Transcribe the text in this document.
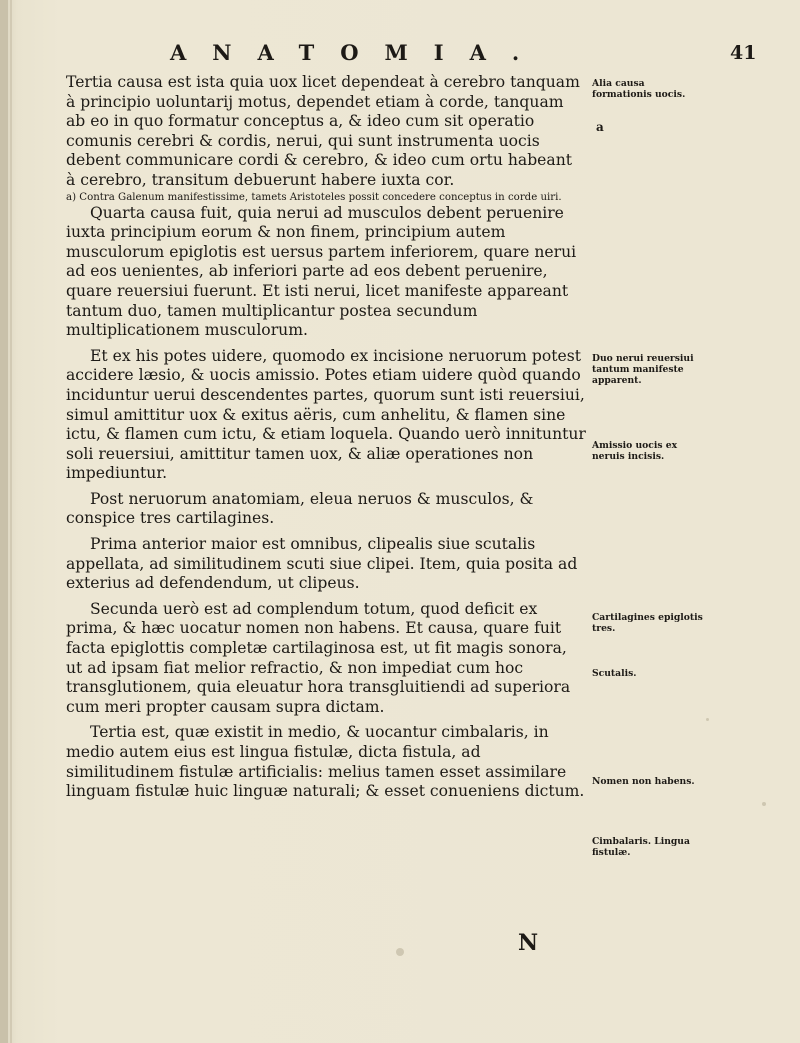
ANATOMIA.	41

Tertia causa est ista quia uox licet dependeat à cerebro tanquam à principio uoluntarij motus, dependet etiam à corde, tanquam ab eo in quo formatur conceptus a, & ideo cum sit operatio comunis cerebri & cordis, nerui, qui sunt instrumenta uocis debent communicare cordi & cerebro, & ideo cum ortu habeant à cerebro, transitum debuerunt habere iuxta cor.

a) Contra Galenum manifestissime, tamets Aristoteles possit concedere conceptus in corde uiri.

Quarta causa fuit, quia nerui ad musculos debent peruenire iuxta principium eorum & non finem, principium autem musculorum epiglotis est uersus partem inferiorem, quare nerui ad eos uenientes, ab inferiori parte ad eos debent peruenire, quare reuersiui fuerunt. Et isti nerui, licet manifeste appareant tantum duo, tamen multiplicantur postea secundum multiplicationem musculorum.

Et ex his potes uidere, quomodo ex incisione neruorum potest accidere læsio, & uocis amissio. Potes etiam uidere quòd quando inciduntur uerui descendentes partes, quorum sunt isti reuersiui, simul amittitur uox & exitus aëris, cum anhelitu, & flamen sine ictu, & flamen cum ictu, & etiam loquela. Quando uerò innituntur soli reuersiui, amittitur tamen uox, & aliæ operationes non impediuntur.

Post neruorum anatomiam, eleua neruos & musculos, & conspice tres cartilagines.

Prima anterior maior est omnibus, clipealis siue scutalis appellata, ad similitudinem scuti siue clipei. Item, quia posita ad exterius ad defendendum, ut clipeus.

Secunda uerò est ad complendum totum, quod deficit ex prima, & hæc uocatur nomen non habens. Et causa, quare fuit facta epiglottis completæ cartilaginosa est, ut fit magis sonora, ut ad ipsam fiat melior refractio, & non impediat cum hoc transglutionem, quia eleuatur hora transgluitiendi ad superiora cum meri propter causam supra dictam.

Tertia est, quæ existit in medio, & uocantur cimbalaris, in medio autem eius est lingua fistulæ, dicta fistula, ad similitudinem fistulæ artificialis: melius tamen esset assimilare linguam fistulæ huic linguæ naturali; & esset conueniens dictum.

Alia causa formationis uocis.
a
Duo nerui reuersiui tantum manifeste apparent.
Amissio uocis ex neruis incisis.
Cartilagines epiglotis tres.
Scutalis.
Nomen non habens.
Cimbalaris. Lingua fistulæ.
N
